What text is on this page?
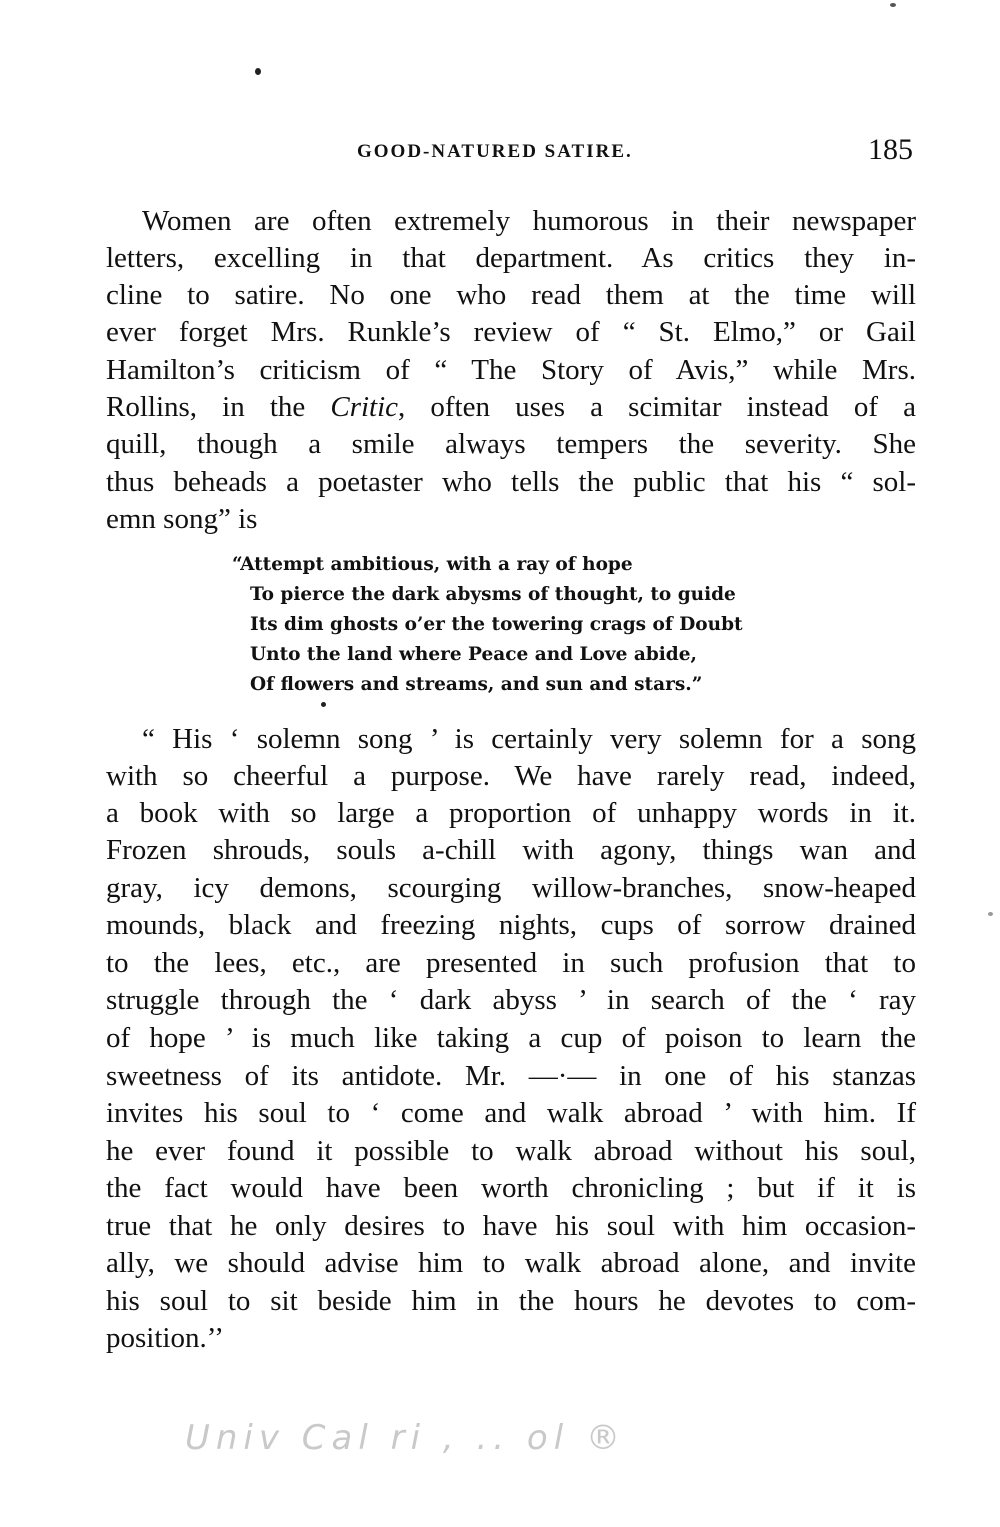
GOOD-NATURED SATIRE.	185
Women are often extremely humorous in their newspaper
letters, excelling in that department. As critics they in-
cline to satire. No one who read them at the time will
ever forget Mrs. Runkle’s review of “ St. Elmo,” or Gail
Hamilton’s criticism of “ The Story of Avis,” while Mrs.
Rollins, in the Critic, often uses a scimitar instead of a
quill, though a smile always tempers the severity. She
thus beheads a poetaster who tells the public that his “ sol-
emn song” is
“Attempt ambitious, with a ray of hope
To pierce the dark abysms of thought, to guide
Its dim ghosts o’er the towering crags of Doubt
Unto the land where Peace and Love abide,
Of flowers and streams, and sun and stars.”
“ His ‘ solemn song ’ is certainly very solemn for a song
with so cheerful a purpose. We have rarely read, indeed,
a book with so large a proportion of unhappy words in it.
Frozen shrouds, souls a-chill with agony, things wan and
gray, icy demons, scourging willow-branches, snow-heaped
mounds, black and freezing nights, cups of sorrow drained
to the lees, etc., are presented in such profusion that to
struggle through the ‘ dark abyss ’ in search of the ‘ ray
of hope ’ is much like taking a cup of poison to learn the
sweetness of its antidote. Mr. —·— in one of his stanzas
invites his soul to ‘ come and walk abroad ’ with him. If
he ever found it possible to walk abroad without his soul,
the fact would have been worth chronicling ; but if it is
true that he only desires to have his soul with him occasion-
ally, we should advise him to walk abroad alone, and invite
his soul to sit beside him in the hours he devotes to com-
position.’’
Univ Cal ri , .. ol ®
